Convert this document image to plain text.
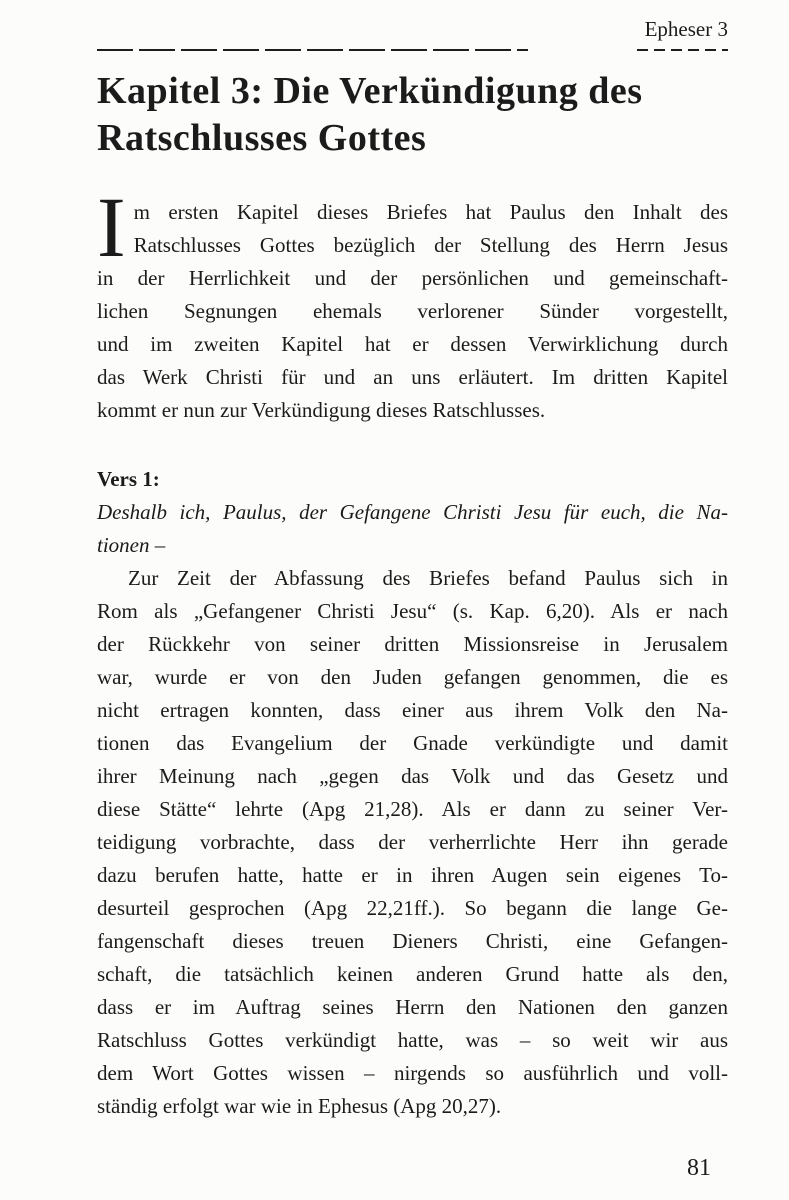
Epheser 3
Kapitel 3: Die Verkündigung des
Ratschlusses Gottes
I m ersten Kapitel dieses Briefes hat Paulus den Inhalt des
Ratschlusses Gottes bezüglich der Stellung des Herrn Jesus
in der Herrlichkeit und der persönlichen und gemeinschaft-
lichen Segnungen ehemals verlorener Sünder vorgestellt,
und im zweiten Kapitel hat er dessen Verwirklichung durch
das Werk Christi für und an uns erläutert. Im dritten Kapitel
kommt er nun zur Verkündigung dieses Ratschlusses.
Vers 1:
Deshalb ich, Paulus, der Gefangene Christi Jesu für euch, die Na-
tionen –
Zur Zeit der Abfassung des Briefes befand Paulus sich in
Rom als „Gefangener Christi Jesu“ (s. Kap. 6,20). Als er nach
der Rückkehr von seiner dritten Missionsreise in Jerusalem
war, wurde er von den Juden gefangen genommen, die es
nicht ertragen konnten, dass einer aus ihrem Volk den Na-
tionen das Evangelium der Gnade verkündigte und damit
ihrer Meinung nach „gegen das Volk und das Gesetz und
diese Stätte“ lehrte (Apg 21,28). Als er dann zu seiner Ver-
teidigung vorbrachte, dass der verherrlichte Herr ihn gerade
dazu berufen hatte, hatte er in ihren Augen sein eigenes To-
desurteil gesprochen (Apg 22,21ff.). So begann die lange Ge-
fangenschaft dieses treuen Dieners Christi, eine Gefangen-
schaft, die tatsächlich keinen anderen Grund hatte als den,
dass er im Auftrag seines Herrn den Nationen den ganzen
Ratschluss Gottes verkündigt hatte, was – so weit wir aus
dem Wort Gottes wissen – nirgends so ausführlich und voll-
ständig erfolgt war wie in Ephesus (Apg 20,27).
81
